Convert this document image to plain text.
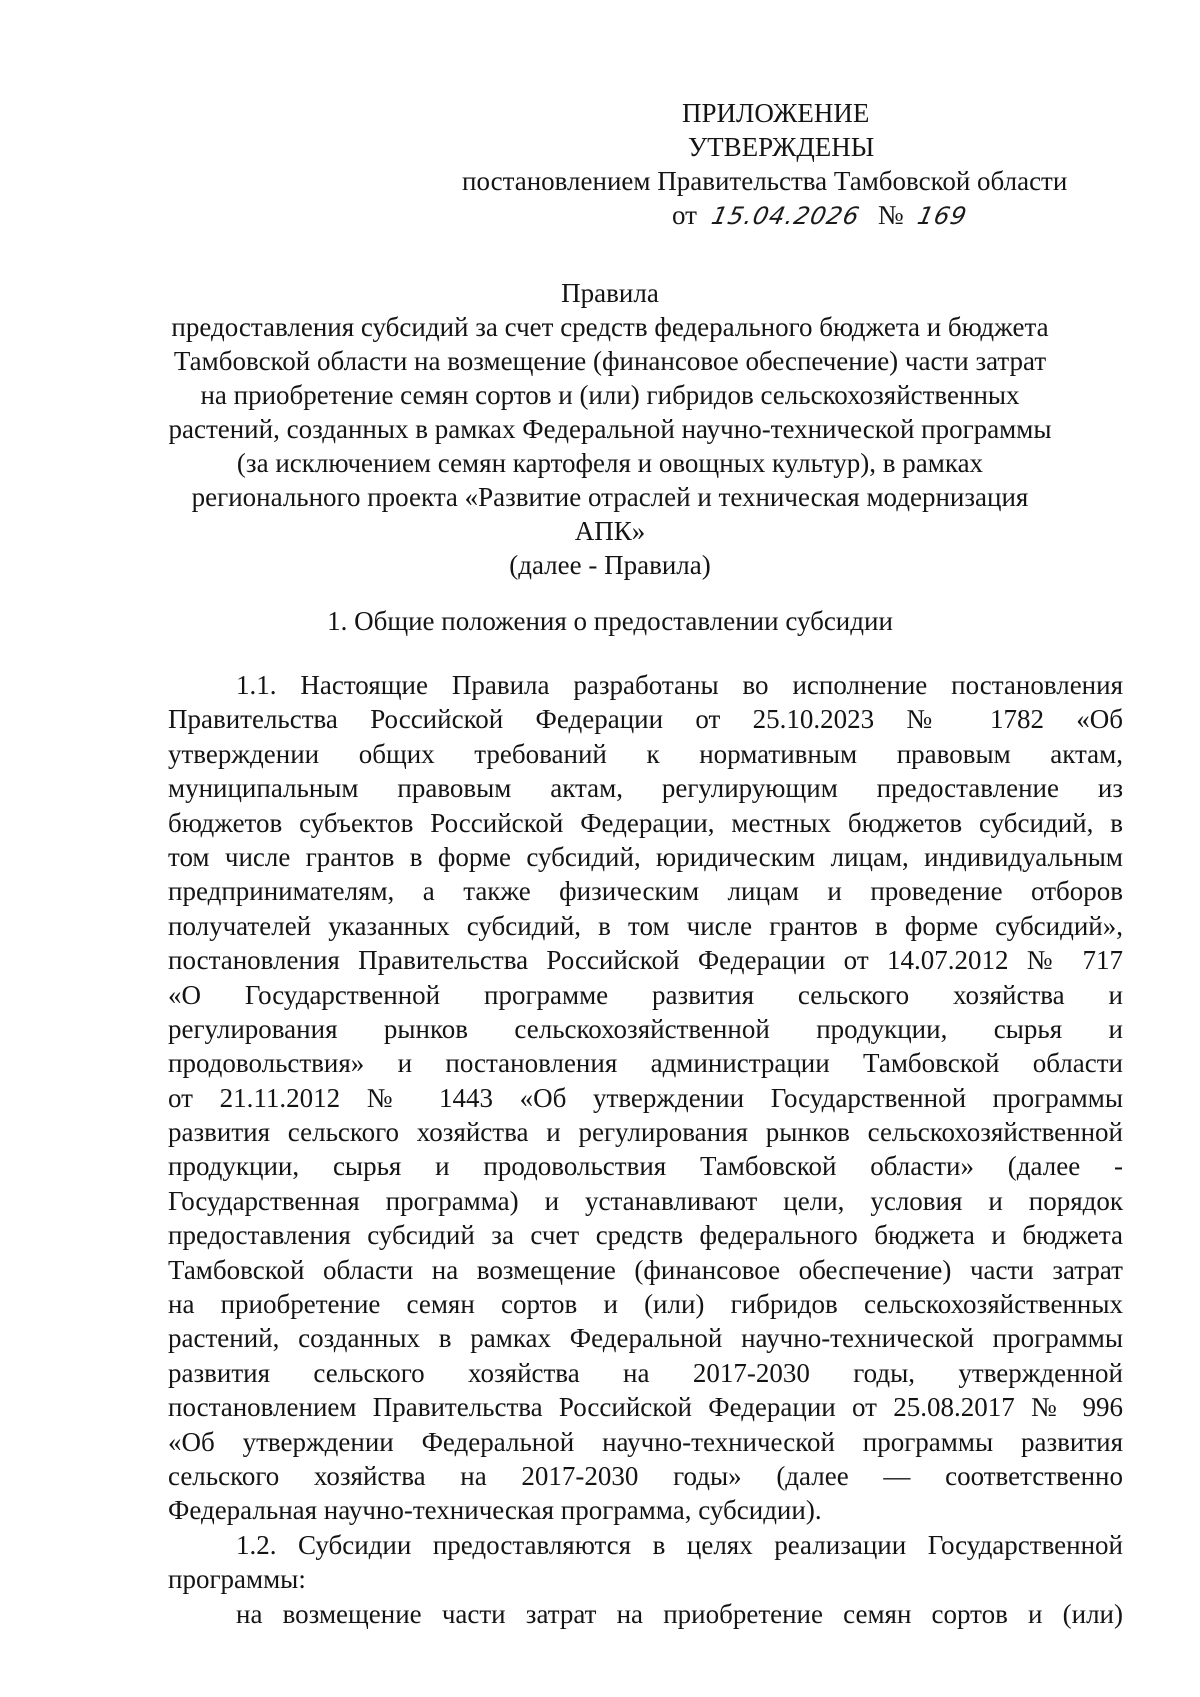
ПРИЛОЖЕНИЕ
УТВЕРЖДЕНЫ
постановлением Правительства Тамбовской области
от 15.04.2026 № 169
Правила
предоставления субсидий за счет средств федерального бюджета и бюджета
Тамбовской области на возмещение (финансовое обеспечение) части затрат
на приобретение семян сортов и (или) гибридов сельскохозяйственных
растений, созданных в рамках Федеральной научно-технической программы
(за исключением семян картофеля и овощных культур), в рамках
регионального проекта «Развитие отраслей и техническая модернизация
АПК»
(далее - Правила)
1. Общие положения о предоставлении субсидии
1.1. Настоящие Правила разработаны во исполнение постановления
Правительства Российской Федерации от 25.10.2023 № 1782 «Об
утверждении общих требований к нормативным правовым актам,
муниципальным правовым актам, регулирующим предоставление из
бюджетов субъектов Российской Федерации, местных бюджетов субсидий, в
том числе грантов в форме субсидий, юридическим лицам, индивидуальным
предпринимателям, а также физическим лицам и проведение отборов
получателей указанных субсидий, в том числе грантов в форме субсидий»,
постановления Правительства Российской Федерации от 14.07.2012 № 717
«О Государственной программе развития сельского хозяйства и
регулирования рынков сельскохозяйственной продукции, сырья и
продовольствия» и постановления администрации Тамбовской области
от 21.11.2012 № 1443 «Об утверждении Государственной программы
развития сельского хозяйства и регулирования рынков сельскохозяйственной
продукции, сырья и продовольствия Тамбовской области» (далее -
Государственная программа) и устанавливают цели, условия и порядок
предоставления субсидий за счет средств федерального бюджета и бюджета
Тамбовской области на возмещение (финансовое обеспечение) части затрат
на приобретение семян сортов и (или) гибридов сельскохозяйственных
растений, созданных в рамках Федеральной научно-технической программы
развития сельского хозяйства на 2017-2030 годы, утвержденной
постановлением Правительства Российской Федерации от 25.08.2017 № 996
«Об утверждении Федеральной научно-технической программы развития
сельского хозяйства на 2017-2030 годы» (далее — соответственно
Федеральная научно-техническая программа, субсидии).
1.2. Субсидии предоставляются в целях реализации Государственной
программы:
на возмещение части затрат на приобретение семян сортов и (или)
